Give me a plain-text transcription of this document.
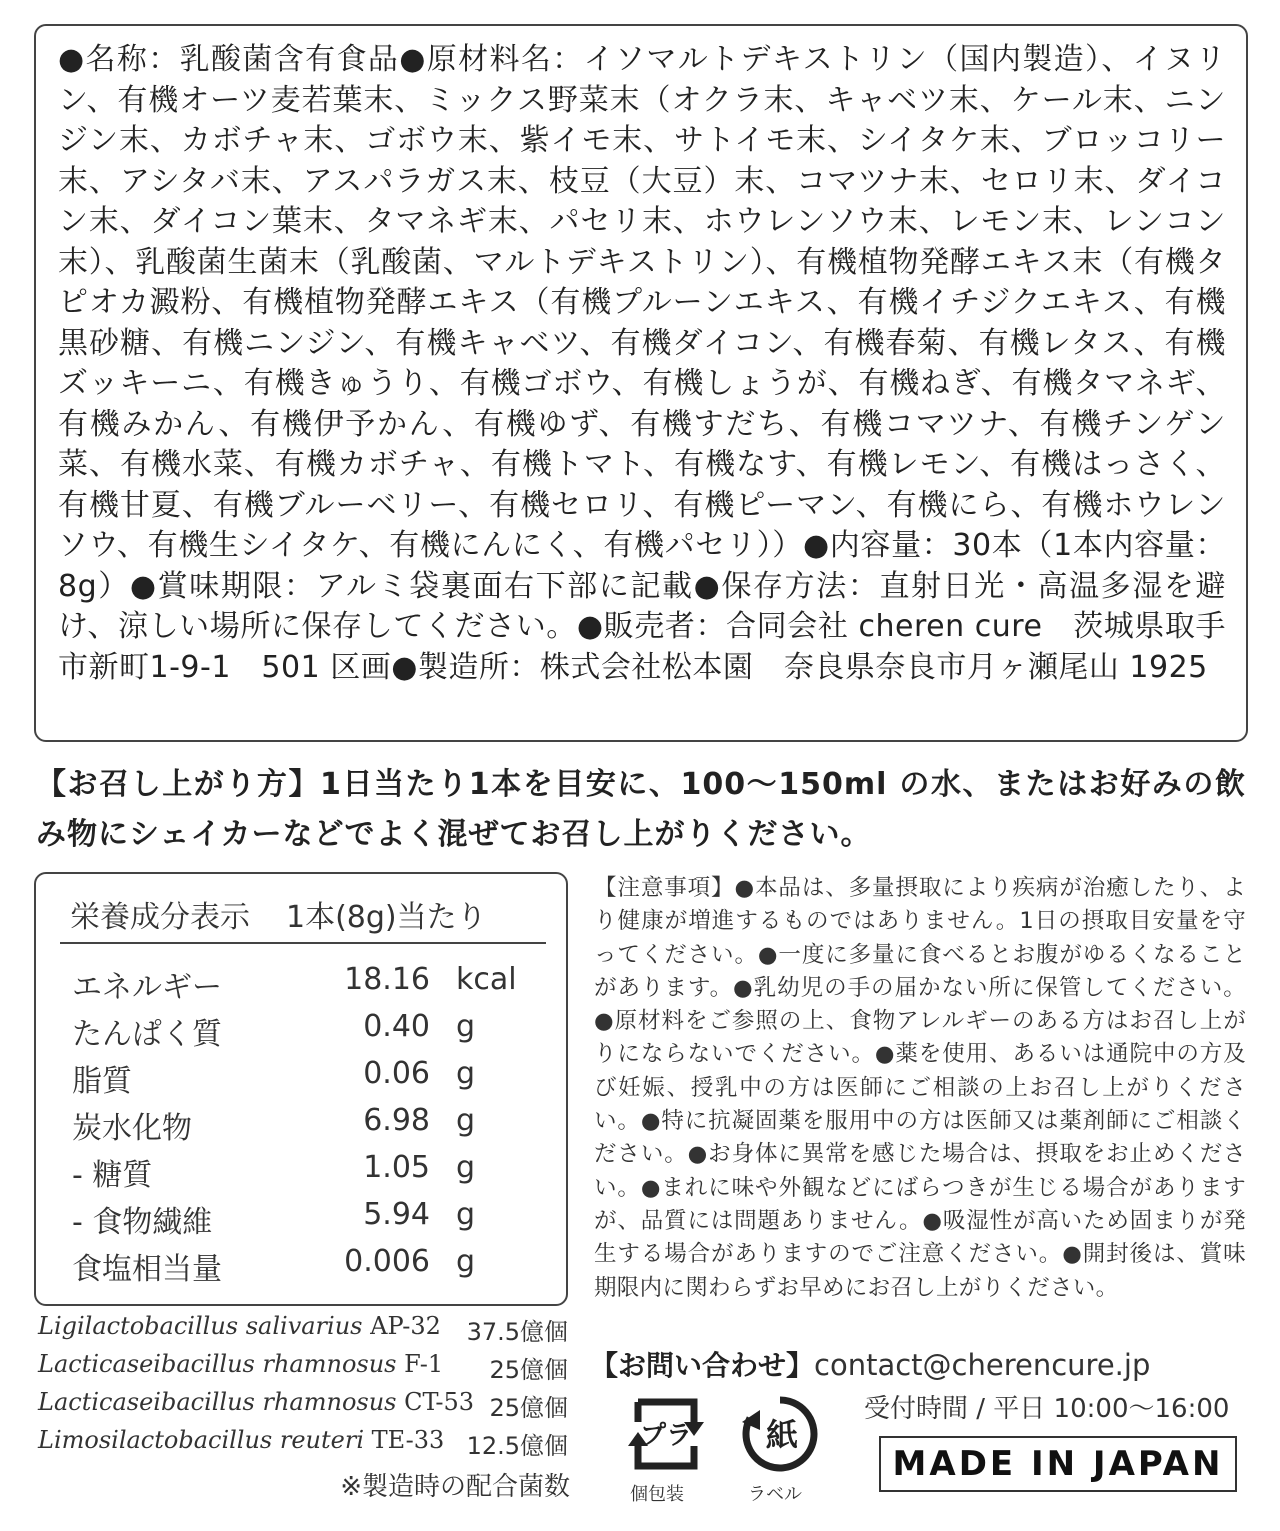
●名称：乳酸菌含有食品●原材料名：イソマルトデキストリン（国内製造）、イヌリン、有機オーツ麦若葉末、ミックス野菜末（オクラ末、キャベツ末、ケール末、ニンジン末、カボチャ末、ゴボウ末、紫イモ末、サトイモ末、シイタケ末、ブロッコリー末、アシタバ末、アスパラガス末、枝豆（大豆）末、コマツナ末、セロリ末、ダイコン末、ダイコン葉末、タマネギ末、パセリ末、ホウレンソウ末、レモン末、レンコン末）、乳酸菌生菌末（乳酸菌、マルトデキストリン）、有機植物発酵エキス末（有機タピオカ澱粉、有機植物発酵エキス（有機プルーンエキス、有機イチジクエキス、有機黒砂糖、有機ニンジン、有機キャベツ、有機ダイコン、有機春菊、有機レタス、有機ズッキーニ、有機きゅうり、有機ゴボウ、有機しょうが、有機ねぎ、有機タマネギ、有機みかん、有機伊予かん、有機ゆず、有機すだち、有機コマツナ、有機チンゲン菜、有機水菜、有機カボチャ、有機トマト、有機なす、有機レモン、有機はっさく、有機甘夏、有機ブルーベリー、有機セロリ、有機ピーマン、有機にら、有機ホウレンソウ、有機生シイタケ、有機にんにく、有機パセリ））●内容量：30本（1本内容量：8g）●賞味期限：アルミ袋裏面右下部に記載●保存方法：直射日光・高温多湿を避け、涼しい場所に保存してください。●販売者：合同会社 cheren cure　茨城県取手市新町1-9-1　501 区画●製造所：株式会社松本園　奈良県奈良市月ヶ瀬尾山 1925

【お召し上がり方】1日当たり1本を目安に、100～150ml の水、またはお好みの飲み物にシェイカーなどでよく混ぜてお召し上がりください。

栄養成分表示 1本(8g)当たり
エネルギー	18.16 kcal
たんぱく質	0.40 g
脂質	0.06 g
炭水化物	6.98 g
- 糖質	1.05 g
- 食物繊維	5.94 g
食塩相当量	0.006 g
Ligilactobacillus salivarius AP-32 37.5億個
Lacticaseibacillus rhamnosus F-1 25億個
Lacticaseibacillus rhamnosus CT-53 25億個
Limosilactobacillus reuteri TE-33 12.5億個
※製造時の配合菌数

【注意事項】●本品は、多量摂取により疾病が治癒したり、より健康が増進するものではありません。1日の摂取目安量を守ってください。●一度に多量に食べるとお腹がゆるくなることがあります。●乳幼児の手の届かない所に保管してください。●原材料をご参照の上、食物アレルギーのある方はお召し上がりにならないでください。●薬を使用、あるいは通院中の方及び妊娠、授乳中の方は医師にご相談の上お召し上がりください。●特に抗凝固薬を服用中の方は医師又は薬剤師にご相談ください。●お身体に異常を感じた場合は、摂取をお止めください。●まれに味や外観などにばらつきが生じる場合がありますが、品質には問題ありません。●吸湿性が高いため固まりが発生する場合がありますのでご注意ください。●開封後は、賞味期限内に関わらずお早めにお召し上がりください。

【お問い合わせ】contact@cherencure.jp
受付時間 / 平日 10:00～16:00
プラ
個包装
紙
ラベル
MADE IN JAPAN
